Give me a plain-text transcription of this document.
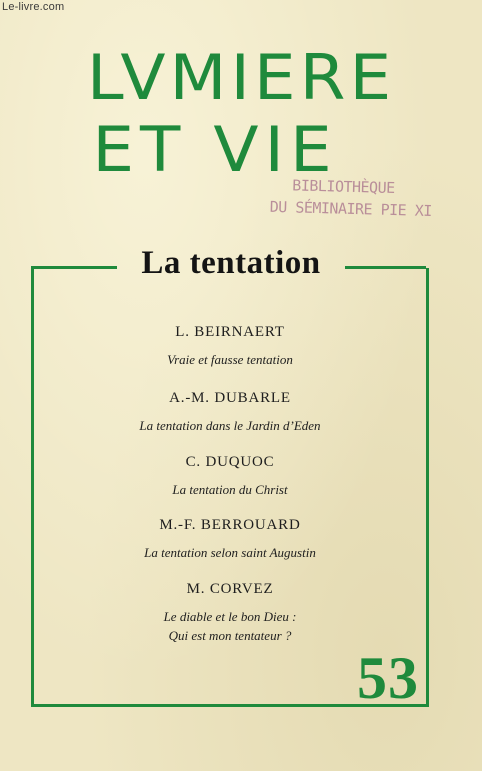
Le-livre.com
LVMIERE
ET VIE
BIBLIOTHÈQUE
DU SÉMINAIRE PIE XI
La tentation
L. BEIRNAERT
Vraie et fausse tentation
A.-M. DUBARLE
La tentation dans le Jardin d’Eden
C. DUQUOC
La tentation du Christ
M.-F. BERROUARD
La tentation selon saint Augustin
M. CORVEZ
Le diable et le bon Dieu :
Qui est mon tentateur ?
53
